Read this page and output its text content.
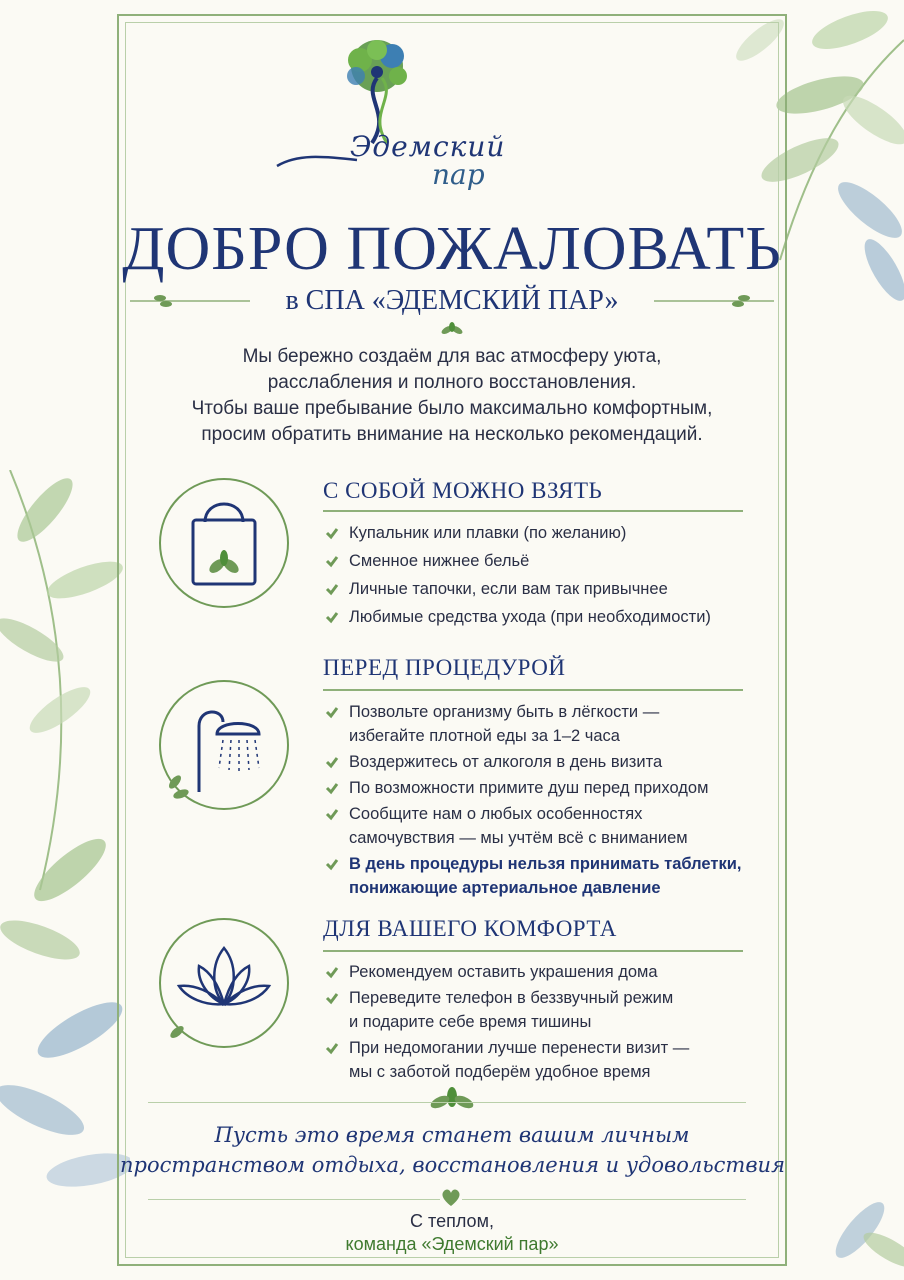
Эдемский
пар
ДОБРО ПОЖАЛОВАТЬ
в СПА «ЭДЕМСКИЙ ПАР»
Мы бережно создаём для вас атмосферу уюта,
расслабления и полного восстановления.
Чтобы ваше пребывание было максимально комфортным,
просим обратить внимание на несколько рекомендаций.
С СОБОЙ МОЖНО ВЗЯТЬ
Купальник или плавки (по желанию)
Сменное нижнее бельё
Личные тапочки, если вам так привычнее
Любимые средства ухода (при необходимости)
ПЕРЕД ПРОЦЕДУРОЙ
Позвольте организму быть в лёгкости —
избегайте плотной еды за 1–2 часа
Воздержитесь от алкоголя в день визита
По возможности примите душ перед приходом
Сообщите нам о любых особенностях
самочувствия — мы учтём всё с вниманием
В день процедуры нельзя принимать таблетки,
понижающие артериальное давление
ДЛЯ ВАШЕГО КОМФОРТА
Рекомендуем оставить украшения дома
Переведите телефон в беззвучный режим
и подарите себе время тишины
При недомогании лучше перенести визит —
мы с заботой подберём удобное время
Пусть это время станет вашим личным
пространством отдыха, восстановления и удовольствия
С теплом,
команда «Эдемский пар»
